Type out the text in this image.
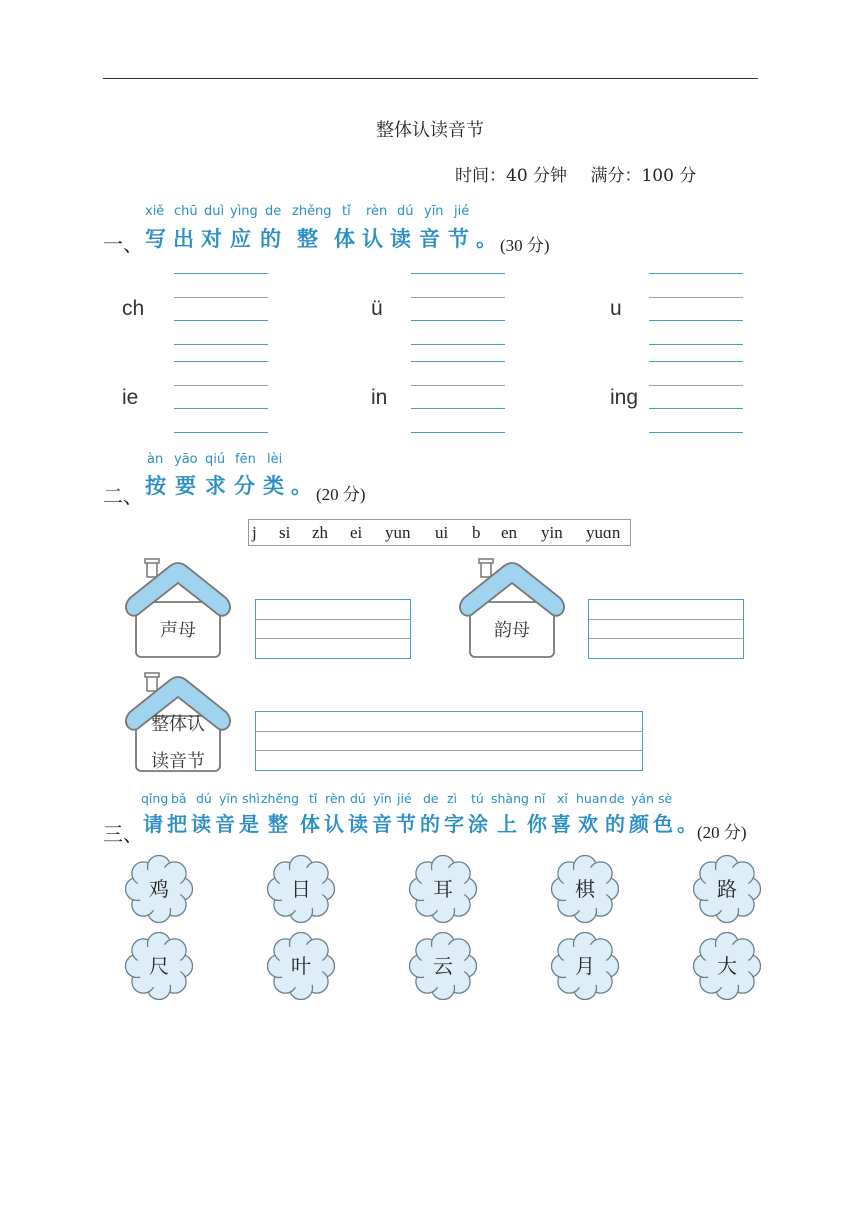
整体认读音节
时间：40 分钟 满分：100 分
一、
xiě chū duì yìng de zhěng tǐ rèn dú yīn jié
写 出 对 应 的 整 体 认 读 音 节 。 (30 分)
ch	ü	u
ie	in	ing
二、
àn yāo qiú fēn lèi
按 要 求 分 类 。 (20 分)
j si zh ei yun ui b en yin yuɑn
声母	韵母
整体认
读音节
三、
qǐng bǎ dú yīn shì zhěng tǐ rèn dú yīn jié de zì tú shàng nǐ xǐ huan de yán sè
请 把 读 音 是 整 体 认 读 音 节 的 字 涂 上 你 喜 欢 的 颜 色 。 (20 分)
鸡	日	耳	棋	路
尺	叶	云	月	大
